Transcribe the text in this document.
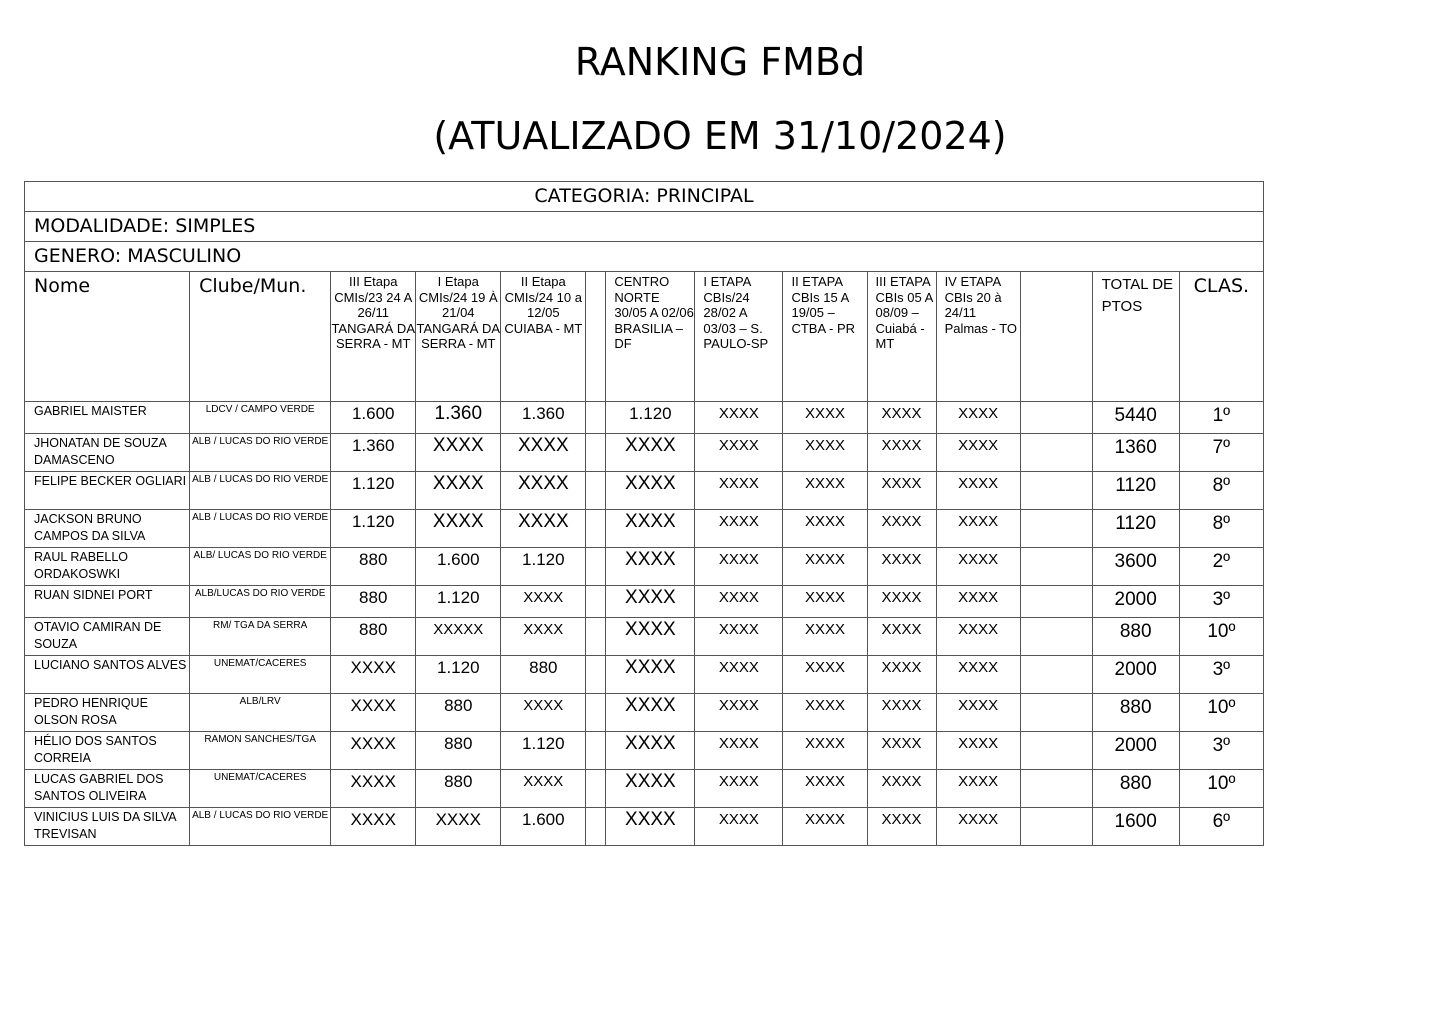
RANKING FMBd
(ATUALIZADO EM 31/10/2024)
CATEGORIA: PRINCIPAL													
MODALIDADE: SIMPLES													
GENERO: MASCULINO													
Nome	Clube/Mun.	III Etapa CMIs/23 24 A 26/11 TANGARÁ DA SERRA - MT	I Etapa CMIs/24 19 À 21/04 TANGARÁ DA SERRA - MT	II Etapa CMIs/24 10 a 12/05 CUIABA - MT		CENTRO NORTE 30/05 A 02/06 BRASILIA – DF	I ETAPA CBIs/24 28/02 A 03/03 – S. PAULO-SP	II ETAPA CBIs 15 A 19/05 – CTBA - PR	III ETAPA CBIs 05 A 08/09 – Cuiabá -MT	IV ETAPA CBIs 20 à 24/11 Palmas - TO		TOTAL DE PTOS	CLAS.
GABRIEL MAISTER	LDCV / CAMPO VERDE	1.600	1.360	1.360		1.120	XXXX	XXXX	XXXX	XXXX		5440	1º
JHONATAN DE SOUZA DAMASCENO	ALB / LUCAS DO RIO VERDE	1.360	XXXX	XXXX		XXXX	XXXX	XXXX	XXXX	XXXX		1360	7º
FELIPE BECKER OGLIARI	ALB / LUCAS DO RIO VERDE	1.120	XXXX	XXXX		XXXX	XXXX	XXXX	XXXX	XXXX		1120	8º
JACKSON BRUNO CAMPOS DA SILVA	ALB / LUCAS DO RIO VERDE	1.120	XXXX	XXXX		XXXX	XXXX	XXXX	XXXX	XXXX		1120	8º
RAUL RABELLO ORDAKOSWKI	ALB/ LUCAS DO RIO VERDE	880	1.600	1.120		XXXX	XXXX	XXXX	XXXX	XXXX		3600	2º
RUAN SIDNEI PORT	ALB/LUCAS DO RIO VERDE	880	1.120	XXXX		XXXX	XXXX	XXXX	XXXX	XXXX		2000	3º
OTAVIO CAMIRAN DE SOUZA	RM/ TGA DA SERRA	880	XXXXX	XXXX		XXXX	XXXX	XXXX	XXXX	XXXX		880	10º
LUCIANO SANTOS ALVES	UNEMAT/CACERES	XXXX	1.120	880		XXXX	XXXX	XXXX	XXXX	XXXX		2000	3º
PEDRO HENRIQUE OLSON ROSA	ALB/LRV	XXXX	880	XXXX		XXXX	XXXX	XXXX	XXXX	XXXX		880	10º
HÉLIO DOS SANTOS CORREIA	RAMON SANCHES/TGA	XXXX	880	1.120		XXXX	XXXX	XXXX	XXXX	XXXX		2000	3º
LUCAS GABRIEL DOS SANTOS OLIVEIRA	UNEMAT/CACERES	XXXX	880	XXXX		XXXX	XXXX	XXXX	XXXX	XXXX		880	10º
VINICIUS LUIS DA SILVA TREVISAN	ALB / LUCAS DO RIO VERDE	XXXX	XXXX	1.600		XXXX	XXXX	XXXX	XXXX	XXXX		1600	6º
